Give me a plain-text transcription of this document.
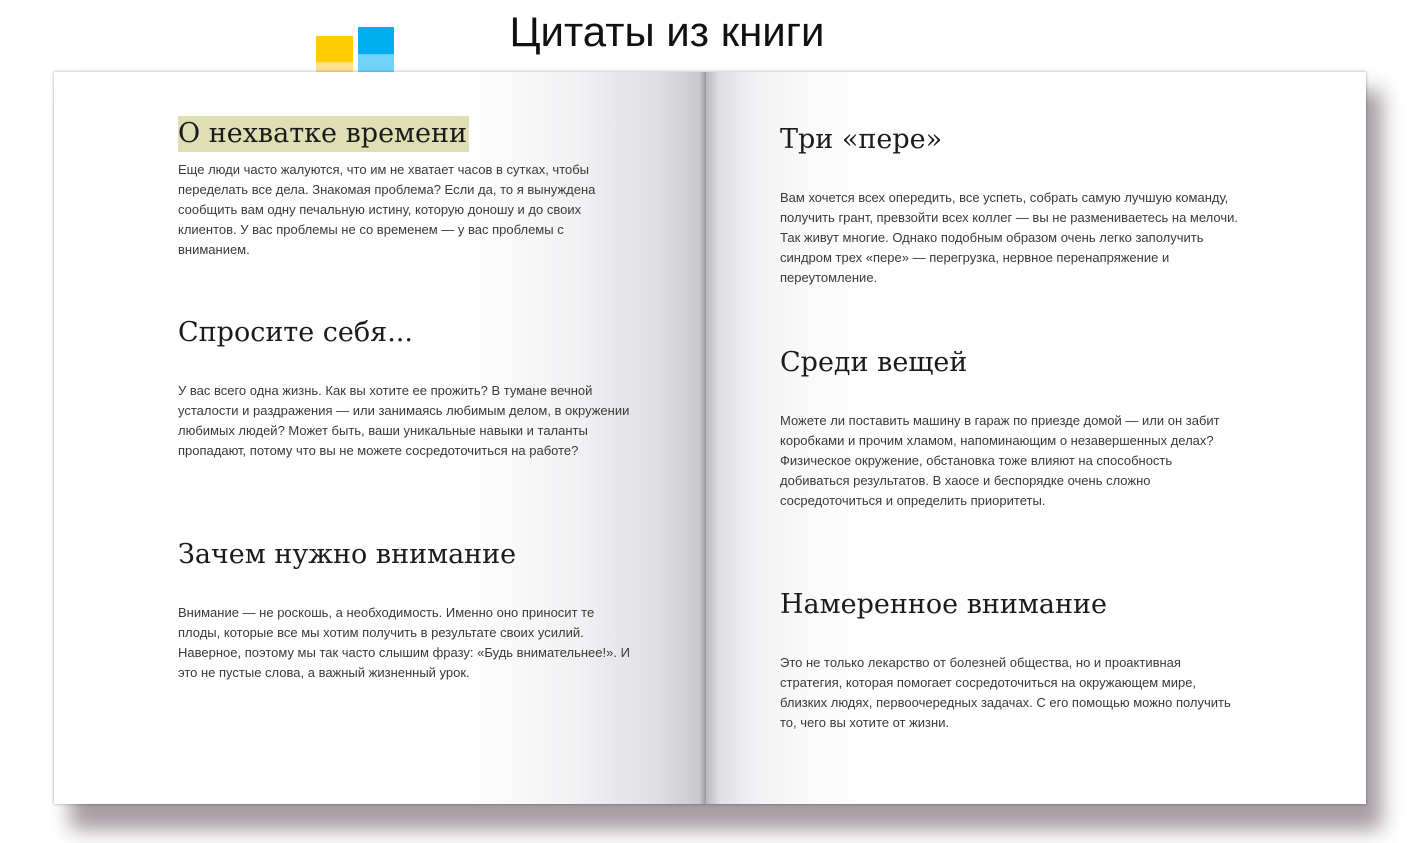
Цитаты из книги
О нехватке времени

Еще люди часто жалуются, что им не хватает часов в сутках, чтобы переделать все дела. Знакомая проблема? Если да, то я вынуждена сообщить вам одну печальную истину, которую доношу и до своих клиентов. У вас проблемы не со временем — у вас проблемы с вниманием.

Спросите себя...

У вас всего одна жизнь. Как вы хотите ее прожить? В тумане вечной усталости и раздражения — или занимаясь любимым делом, в окружении любимых людей? Может быть, ваши уникальные навыки и таланты пропадают, потому что вы не можете сосредоточиться на работе?

Зачем нужно внимание

Внимание — не роскошь, а необходимость. Именно оно приносит те плоды, которые все мы хотим получить в результате своих усилий. Наверное, поэтому мы так часто слышим фразу: «Будь внимательнее!». И это не пустые слова, а важный жизненный урок.

Три «пере»

Вам хочется всех опередить, все успеть, собрать самую лучшую команду, получить грант, превзойти всех коллег — вы не размениваетесь на мелочи. Так живут многие. Однако подобным образом очень легко заполучить синдром трех «пере» — перегрузка, нервное перенапряжение и переутомление.

Среди вещей

Можете ли поставить машину в гараж по приезде домой — или он забит коробками и прочим хламом, напоминающим о незавершенных делах? Физическое окружение, обстановка тоже влияют на способность добиваться результатов. В хаосе и беспорядке очень сложно сосредоточиться и определить приоритеты.

Намеренное внимание

Это не только лекарство от болезней общества, но и проактивная стратегия, которая помогает сосредоточиться на окружающем мире, близких людях, первоочередных задачах. С его помощью можно получить то, чего вы хотите от жизни.
